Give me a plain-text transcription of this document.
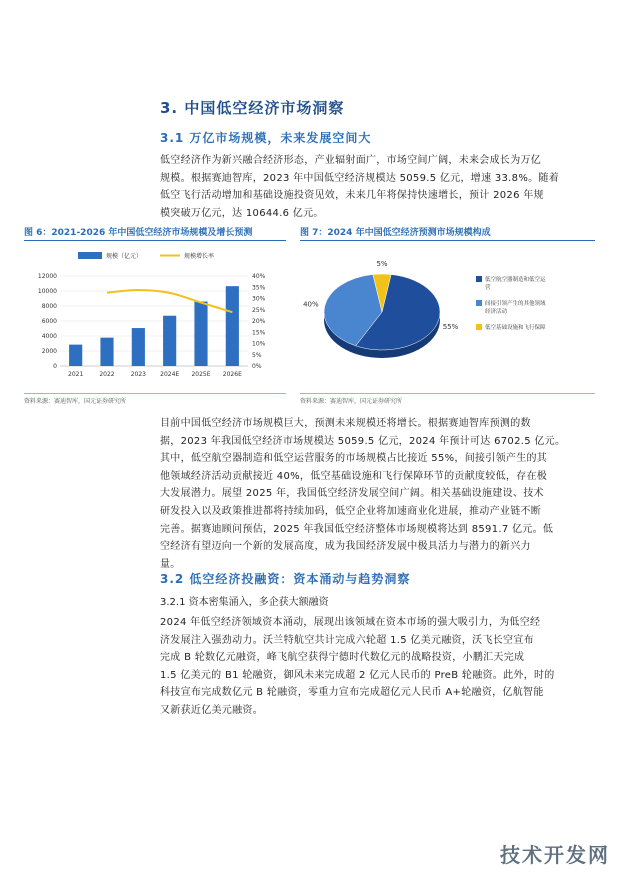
3. 中国低空经济市场洞察
3.1 万亿市场规模，未来发展空间大
低空经济作为新兴融合经济形态，产业辐射面广，市场空间广阔，未来会成长为万亿
规模。根据赛迪智库，2023 年中国低空经济规模达 5059.5 亿元，增速 33.8%。随着
低空飞行活动增加和基础设施投资见效，未来几年将保持快速增长，预计 2026 年规
模突破万亿元，达 10644.6 亿元。
图 6：2021-2026 年中国低空经济市场规模及增长预测
0
2000
4000
6000
8000
10000
12000
0%
5%
10%
15%
20%
25%
30%
35%
40%
2021	2022	2023 2024E 2025E 2026E
规模（亿元）	规模增长率
资料来源：赛迪智库，国元证券研究所
图 7：2024 年中国低空经济预测市场规模构成
55%
40%
5%
低空航空器制造和低空运营
间接引领产生的其他领域经济活动
低空基础设施和飞行保障
资料来源：赛迪智库，国元证券研究所
目前中国低空经济市场规模巨大，预测未来规模还将增长。根据赛迪智库预测的数
据，2023 年我国低空经济市场规模达 5059.5 亿元，2024 年预计可达 6702.5 亿元。
其中，低空航空器制造和低空运营服务的市场规模占比接近 55%，间接引领产生的其
他领域经济活动贡献接近 40%，低空基础设施和飞行保障环节的贡献度较低，存在极
大发展潜力。展望 2025 年，我国低空经济发展空间广阔。相关基础设施建设、技术
研发投入以及政策推进都将持续加码，低空企业将加速商业化进展，推动产业链不断
完善。据赛迪顾问预估，2025 年我国低空经济整体市场规模将达到 8591.7 亿元。低
空经济有望迈向一个新的发展高度，成为我国经济发展中极具活力与潜力的新兴力
量。
3.2 低空经济投融资：资本涌动与趋势洞察
3.2.1 资本密集涌入，多企获大额融资
2024 年低空经济领域资本涌动，展现出该领域在资本市场的强大吸引力，为低空经
济发展注入强劲动力。沃兰特航空共计完成六轮超 1.5 亿美元融资，沃飞长空宣布
完成 B 轮数亿元融资，峰飞航空获得宁德时代数亿元的战略投资，小鹏汇天完成
1.5 亿美元的 B1 轮融资，御风未来完成超 2 亿元人民币的 PreB 轮融资。此外，时的
科技宣布完成数亿元 B 轮融资，零重力宣布完成超亿元人民币 A+轮融资，亿航智能
又新获近亿美元融资。
技术开发网
